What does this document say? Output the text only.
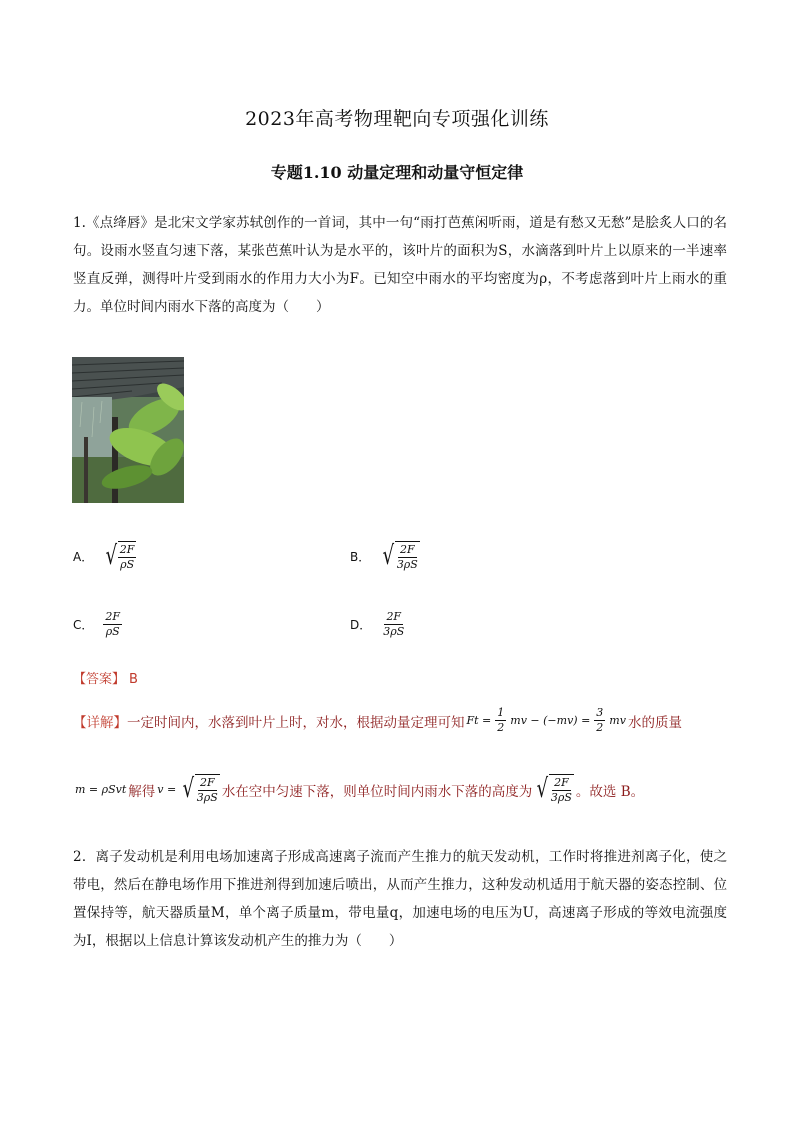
2023年高考物理靶向专项强化训练
专题1.10 动量定理和动量守恒定律
1.《点绛唇》是北宋文学家苏轼创作的一首词，其中一句“雨打芭蕉闲听雨，道是有愁又无愁”是脍炙人口的名句。设雨水竖直匀速下落，某张芭蕉叶认为是水平的，该叶片的面积为S，水滴落到叶片上以原来的一半速率竖直反弹，测得叶片受到雨水的作用力大小为F。已知空中雨水的平均密度为ρ，不考虑落到叶片上雨水的重力。单位时间内雨水下落的高度为（　　）
A． √ $\frac{2F}{\rho S}$	B． √ $\frac{2F}{3\rho S}$
C． $\frac{2F}{\rho S}$	D． $\frac{2F}{3\rho S}$
【答案】 B
【详解】 一定时间内，水落到叶片上时，对水，根据动量定理可知 $Ft = \frac{1}{2}$ mv − $(-mv) = \frac{3}{2}$ mv 水的质量
m = ρSvt 解得 v = √ $\frac{2F}{3\rho S}$ 水在空中匀速下落，则单位时间内雨水下落的高度为 √ $\frac{2F}{3\rho S}$ 。故选 B。
2．离子发动机是利用电场加速离子形成高速离子流而产生推力的航天发动机，工作时将推进剂离子化，使之带电，然后在静电场作用下推进剂得到加速后喷出，从而产生推力，这种发动机适用于航天器的姿态控制、位置保持等，航天器质量M，单个离子质量m，带电量q，加速电场的电压为U，高速离子形成的等效电流强度为I，根据以上信息计算该发动机产生的推力为（　　）
